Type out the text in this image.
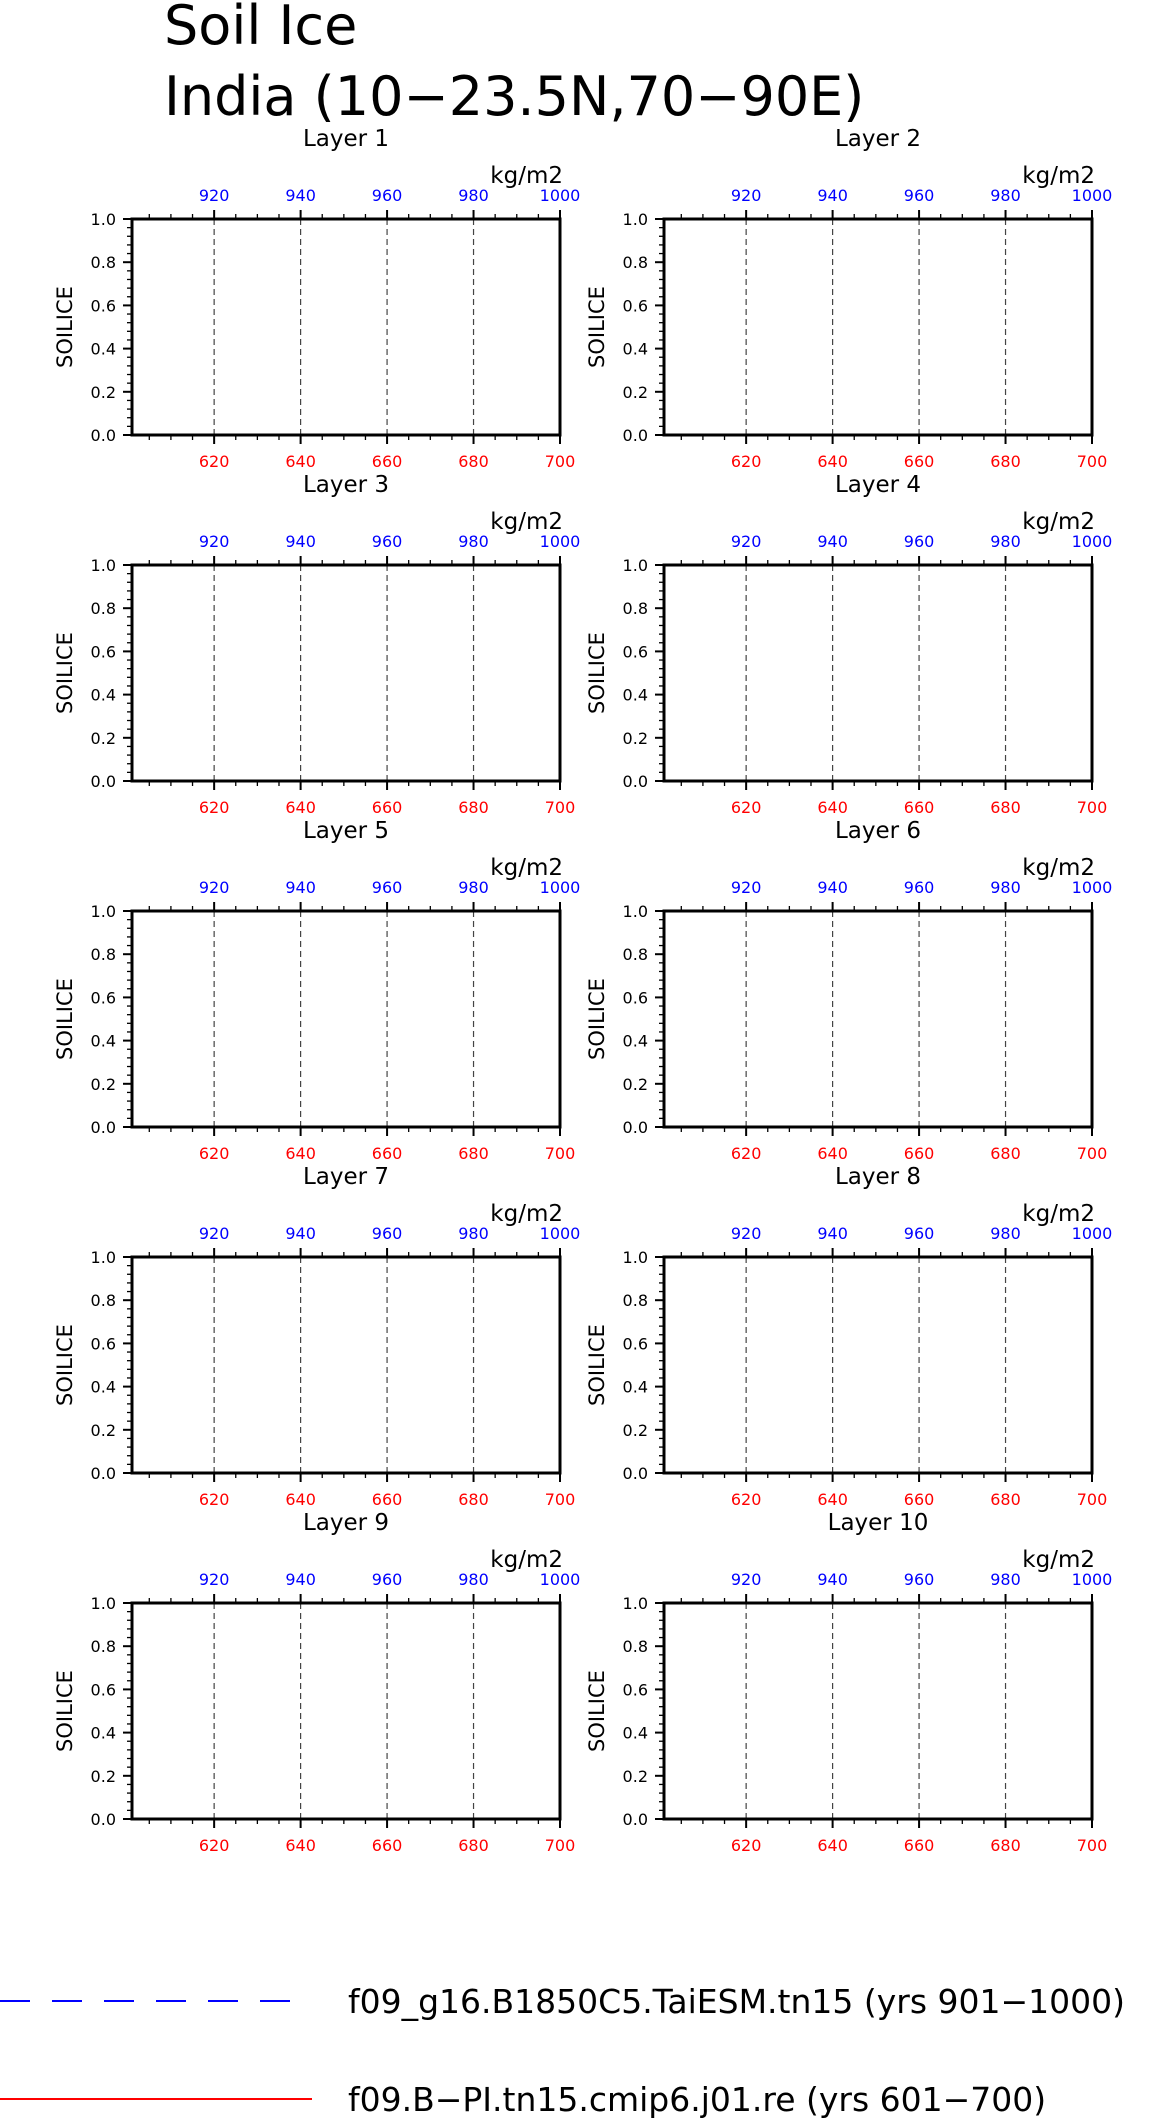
Soil Ice
India (10−23.5N,70−90E)
Layer 1
kg/m2
SOILICE
0.0
0.2
0.4
0.6
0.8
1.0
620	640	660	680	700
920	940	960	980	1000
Layer 2
kg/m2
SOILICE
0.0
0.2
0.4
0.6
0.8
1.0
620	640	660	680	700
920	940	960	980	1000
Layer 3
kg/m2
SOILICE
0.0
0.2
0.4
0.6
0.8
1.0
620	640	660	680	700
920	940	960	980	1000
Layer 4
kg/m2
SOILICE
0.0
0.2
0.4
0.6
0.8
1.0
620	640	660	680	700
920	940	960	980	1000
Layer 5
kg/m2
SOILICE
0.0
0.2
0.4
0.6
0.8
1.0
620	640	660	680	700
920	940	960	980	1000
Layer 6
kg/m2
SOILICE
0.0
0.2
0.4
0.6
0.8
1.0
620	640	660	680	700
920	940	960	980	1000
Layer 7
kg/m2
SOILICE
0.0
0.2
0.4
0.6
0.8
1.0
620	640	660	680	700
920	940	960	980	1000
Layer 8
kg/m2
SOILICE
0.0
0.2
0.4
0.6
0.8
1.0
620	640	660	680	700
920	940	960	980	1000
Layer 9
kg/m2
SOILICE
0.0
0.2
0.4
0.6
0.8
1.0
620	640	660	680	700
920	940	960	980	1000
Layer 10
kg/m2
SOILICE
0.0
0.2
0.4
0.6
0.8
1.0
620	640	660	680	700
920	940	960	980	1000
f09_g16.B1850C5.TaiESM.tn15 (yrs 901−1000)
f09.B−PI.tn15.cmip6.j01.re (yrs 601−700)
